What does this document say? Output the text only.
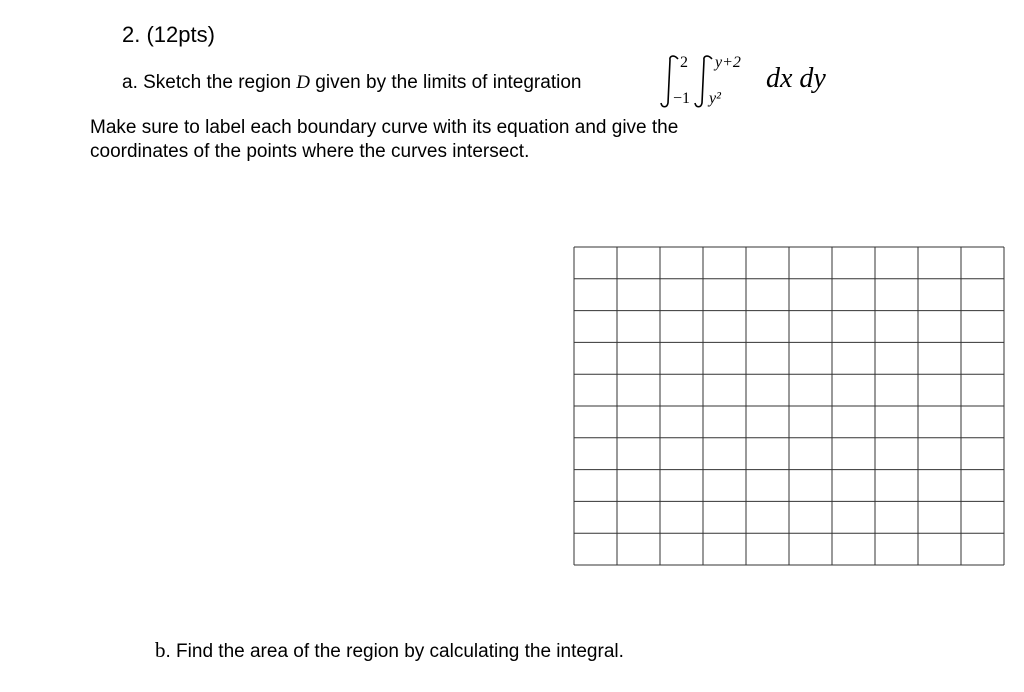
2. (12pts)
a. Sketch the region D given by the limits of integration
2
−1
y+2
y²
dx dy
Make sure to label each boundary curve with its equation and give the
coordinates of the points where the curves intersect.
b. Find the area of the region by calculating the integral.
